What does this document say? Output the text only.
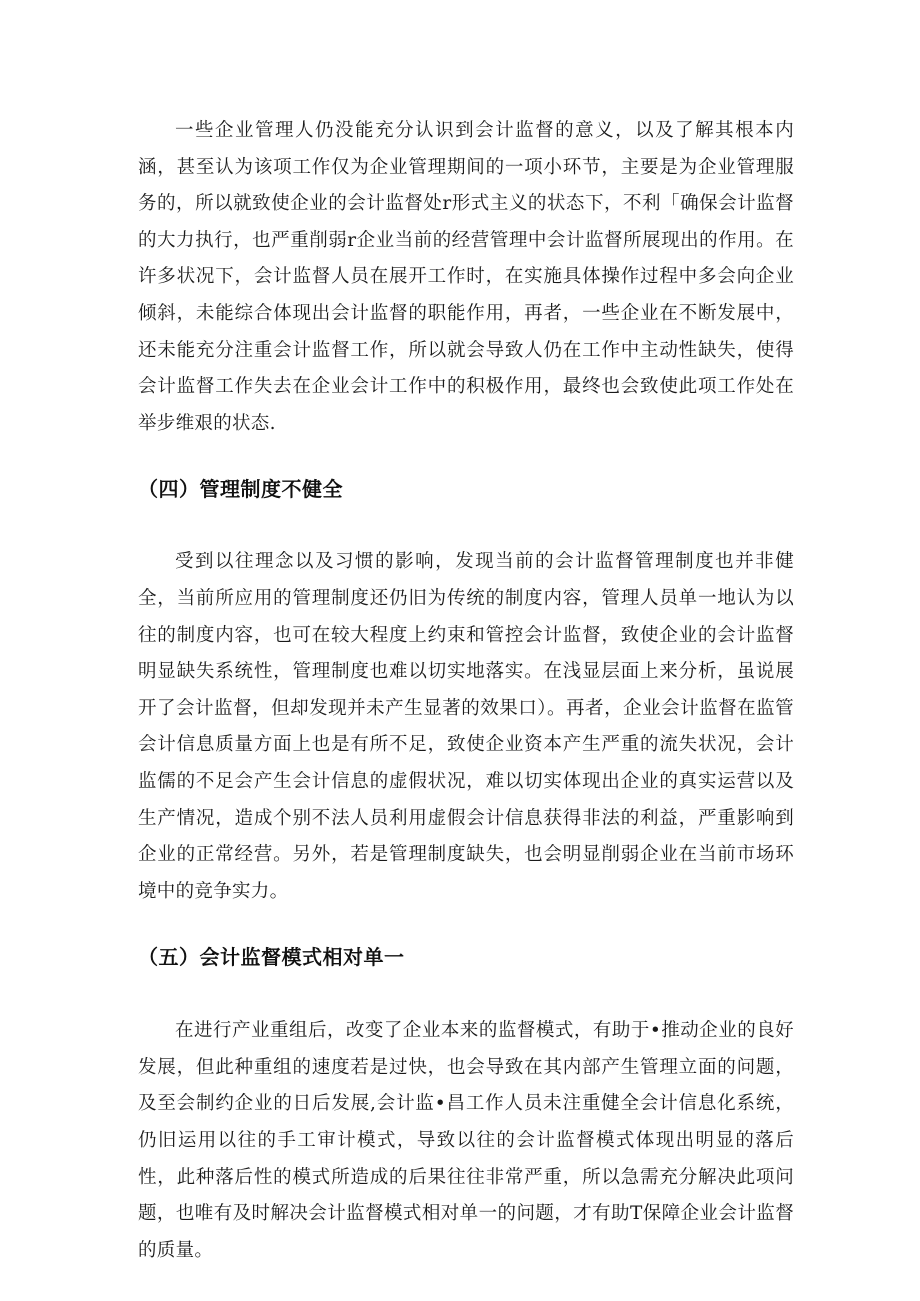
一些企业管理人仍没能充分认识到会计监督的意义，以及了解其根本内涵，甚至认为该项工作仅为企业管理期间的一项小环节，主要是为企业管理服务的，所以就致使企业的会计监督处r形式主义的状态下，不利「确保会计监督的大力执行，也严重削弱r企业当前的经营管理中会计监督所展现出的作用。在许多状况下，会计监督人员在展开工作时，在实施具体操作过程中多会向企业倾斜，未能综合体现出会计监督的职能作用，再者，一些企业在不断发展中，还未能充分注重会计监督工作，所以就会导致人仍在工作中主动性缺失，使得会计监督工作失去在企业会计工作中的积极作用，最终也会致使此项工作处在举步维艰的状态.

（四）管理制度不健全

受到以往理念以及习惯的影响，发现当前的会计监督管理制度也并非健全，当前所应用的管理制度还仍旧为传统的制度内容，管理人员单一地认为以往的制度内容，也可在较大程度上约束和管控会计监督，致使企业的会计监督明显缺失系统性，管理制度也难以切实地落实。在浅显层面上来分析，虽说展开了会计监督，但却发现并未产生显著的效果口）。再者，企业会计监督在监管会计信息质量方面上也是有所不足，致使企业资本产生严重的流失状况，会计监儒的不足会产生会计信息的虚假状况，难以切实体现出企业的真实运营以及生产情况，造成个别不法人员利用虚假会计信息获得非法的利益，严重影响到企业的正常经营。另外，若是管理制度缺失，也会明显削弱企业在当前市场环境中的竞争实力。

（五）会计监督模式相对单一

在进行产业重组后，改变了企业本来的监督模式，有助于•推动企业的良好发展，但此种重组的速度若是过快，也会导致在其内部产生管理立面的问题，及至会制约企业的日后发展,会计监•昌工作人员未注重健全会计信息化系统，仍旧运用以往的手工审计模式，导致以往的会计监督模式体现出明显的落后性，此种落后性的模式所造成的后果往往非常严重，所以急需充分解决此项问题，也唯有及时解决会计监督模式相对单一的问题，才有助T保障企业会计监督的质量。
